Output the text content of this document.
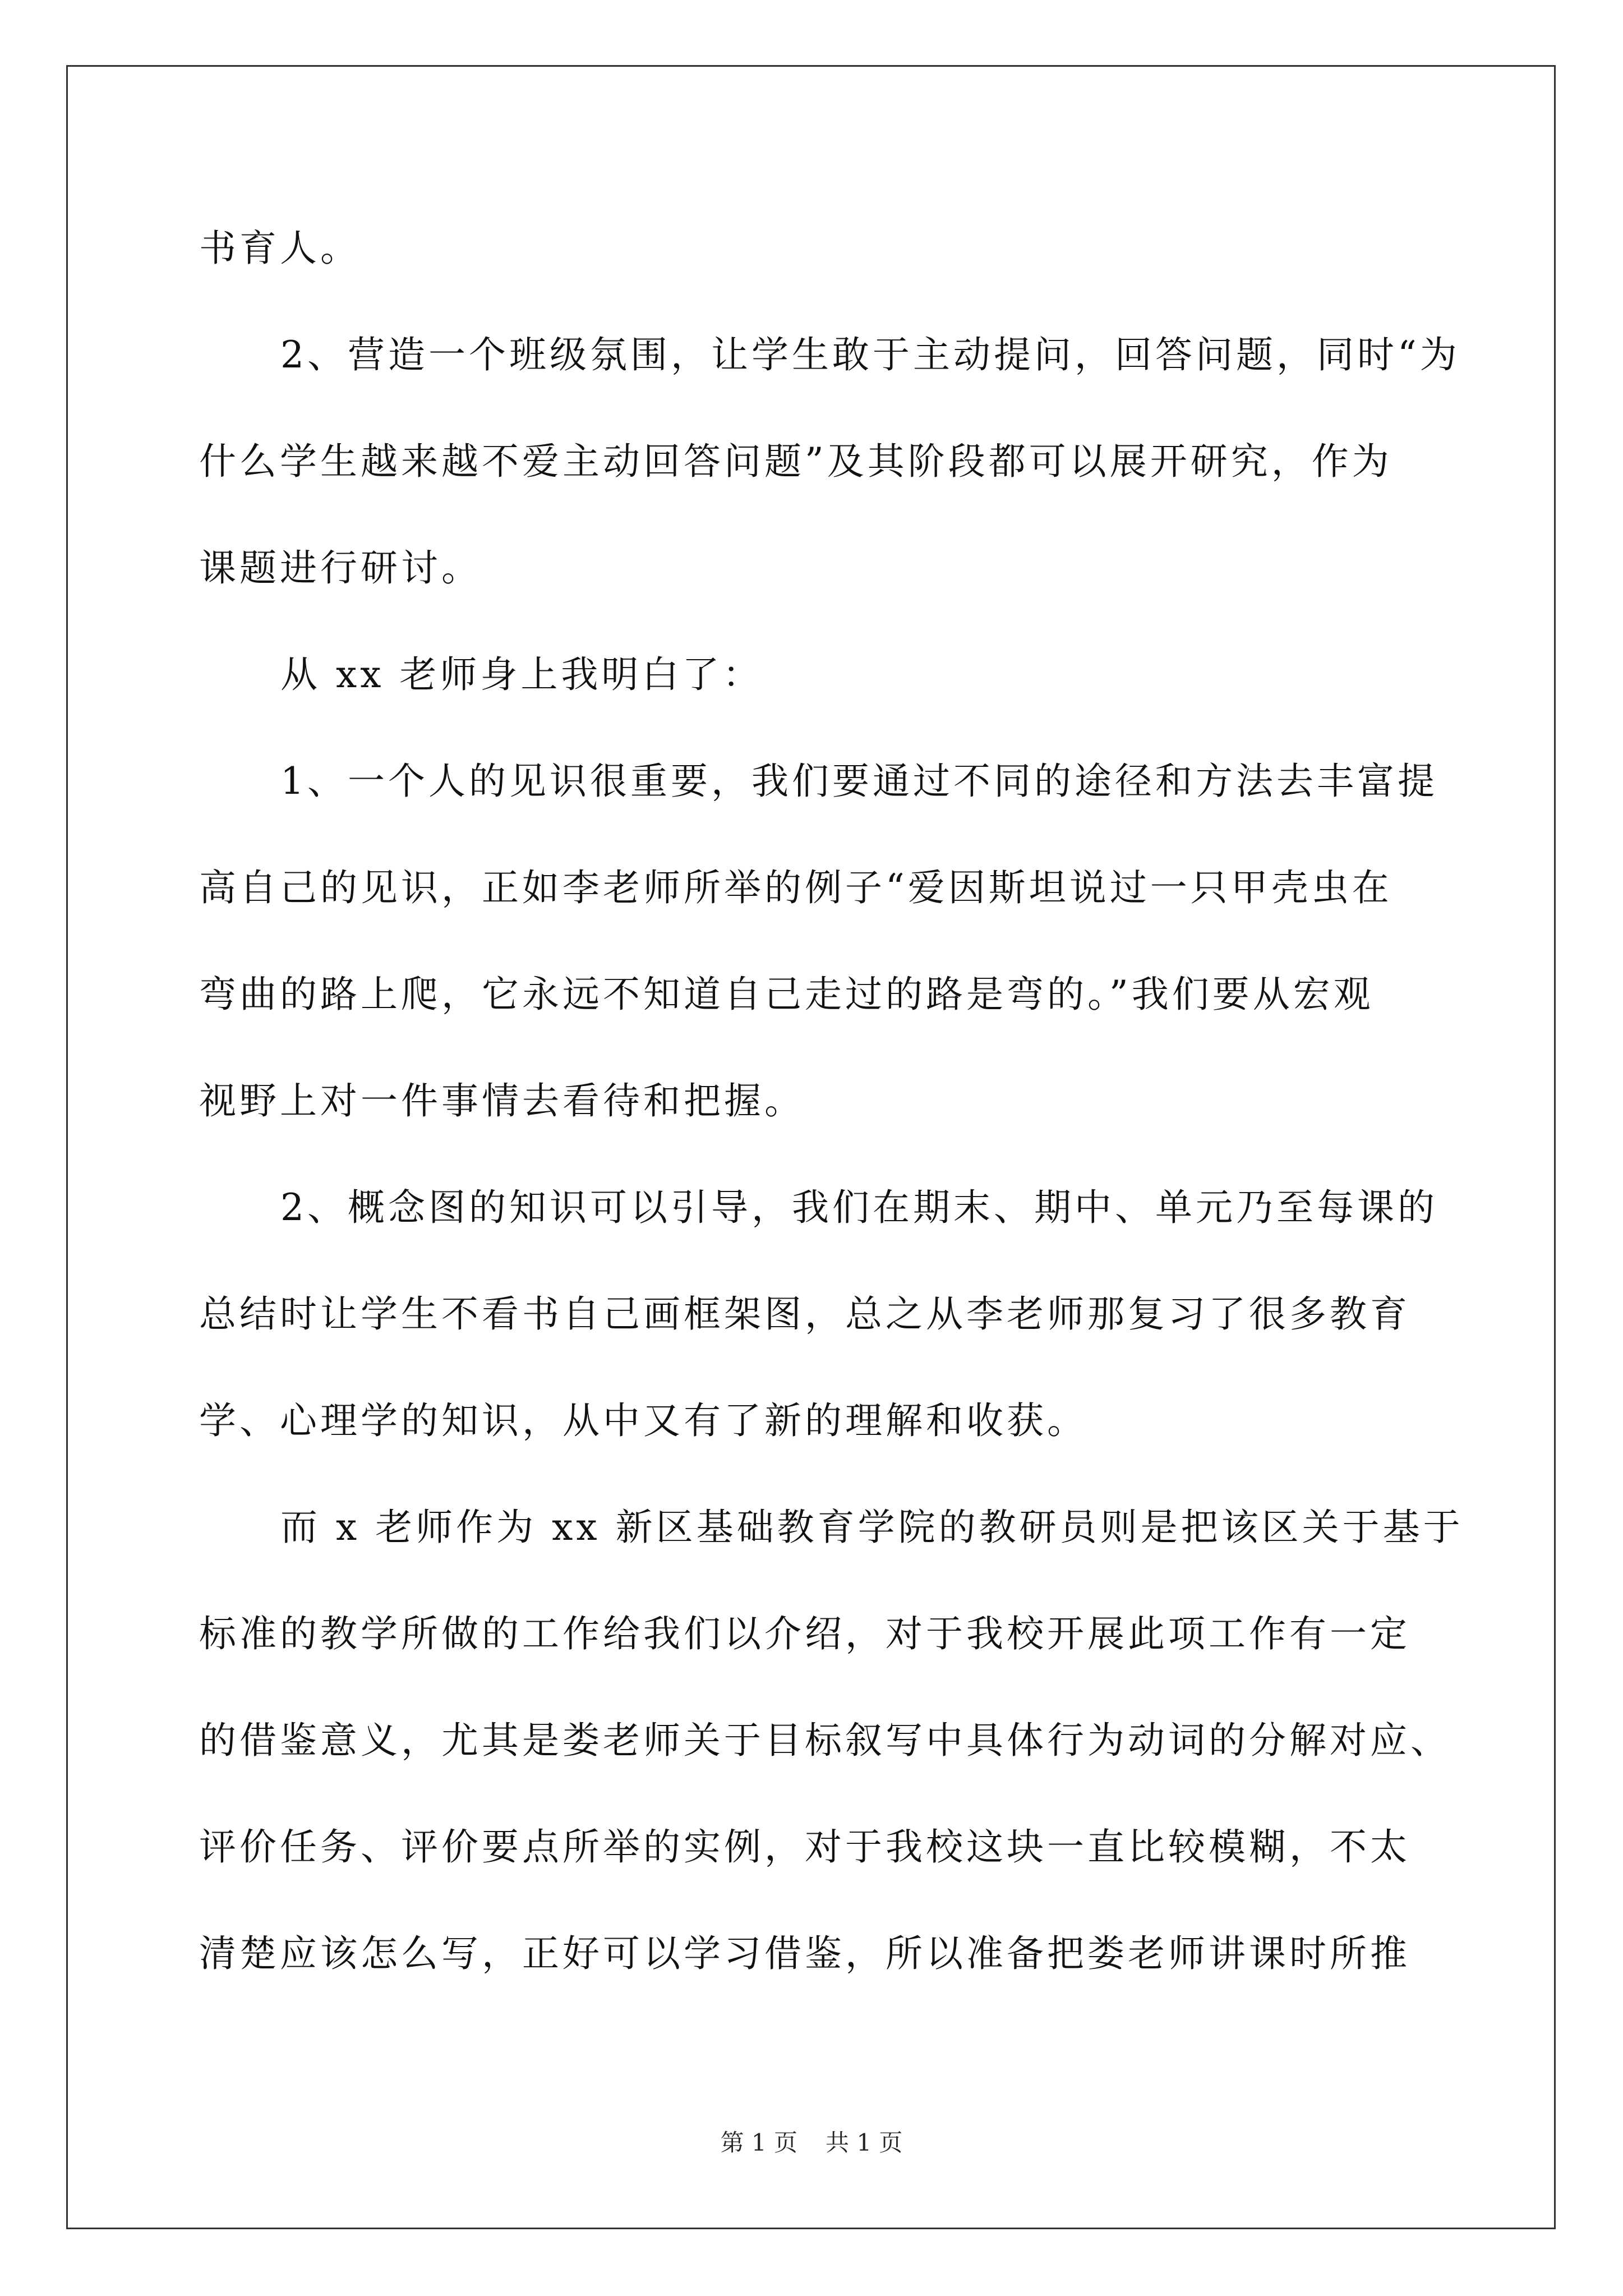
书育人。
2、营造一个班级氛围，让学生敢于主动提问，回答问题，同时“为
什么学生越来越不爱主动回答问题”及其阶段都可以展开研究，作为
课题进行研讨。
从 xx 老师身上我明白了：
1、一个人的见识很重要，我们要通过不同的途径和方法去丰富提
高自己的见识，正如李老师所举的例子“爱因斯坦说过一只甲壳虫在
弯曲的路上爬，它永远不知道自己走过的路是弯的。”我们要从宏观
视野上对一件事情去看待和把握。
2、概念图的知识可以引导，我们在期末、期中、单元乃至每课的
总结时让学生不看书自己画框架图，总之从李老师那复习了很多教育
学、心理学的知识，从中又有了新的理解和收获。
而 x 老师作为 xx 新区基础教育学院的教研员则是把该区关于基于
标准的教学所做的工作给我们以介绍，对于我校开展此项工作有一定
的借鉴意义，尤其是娄老师关于目标叙写中具体行为动词的分解对应、
评价任务、评价要点所举的实例，对于我校这块一直比较模糊，不太
清楚应该怎么写，正好可以学习借鉴，所以准备把娄老师讲课时所推
第 1 页 共 1 页
